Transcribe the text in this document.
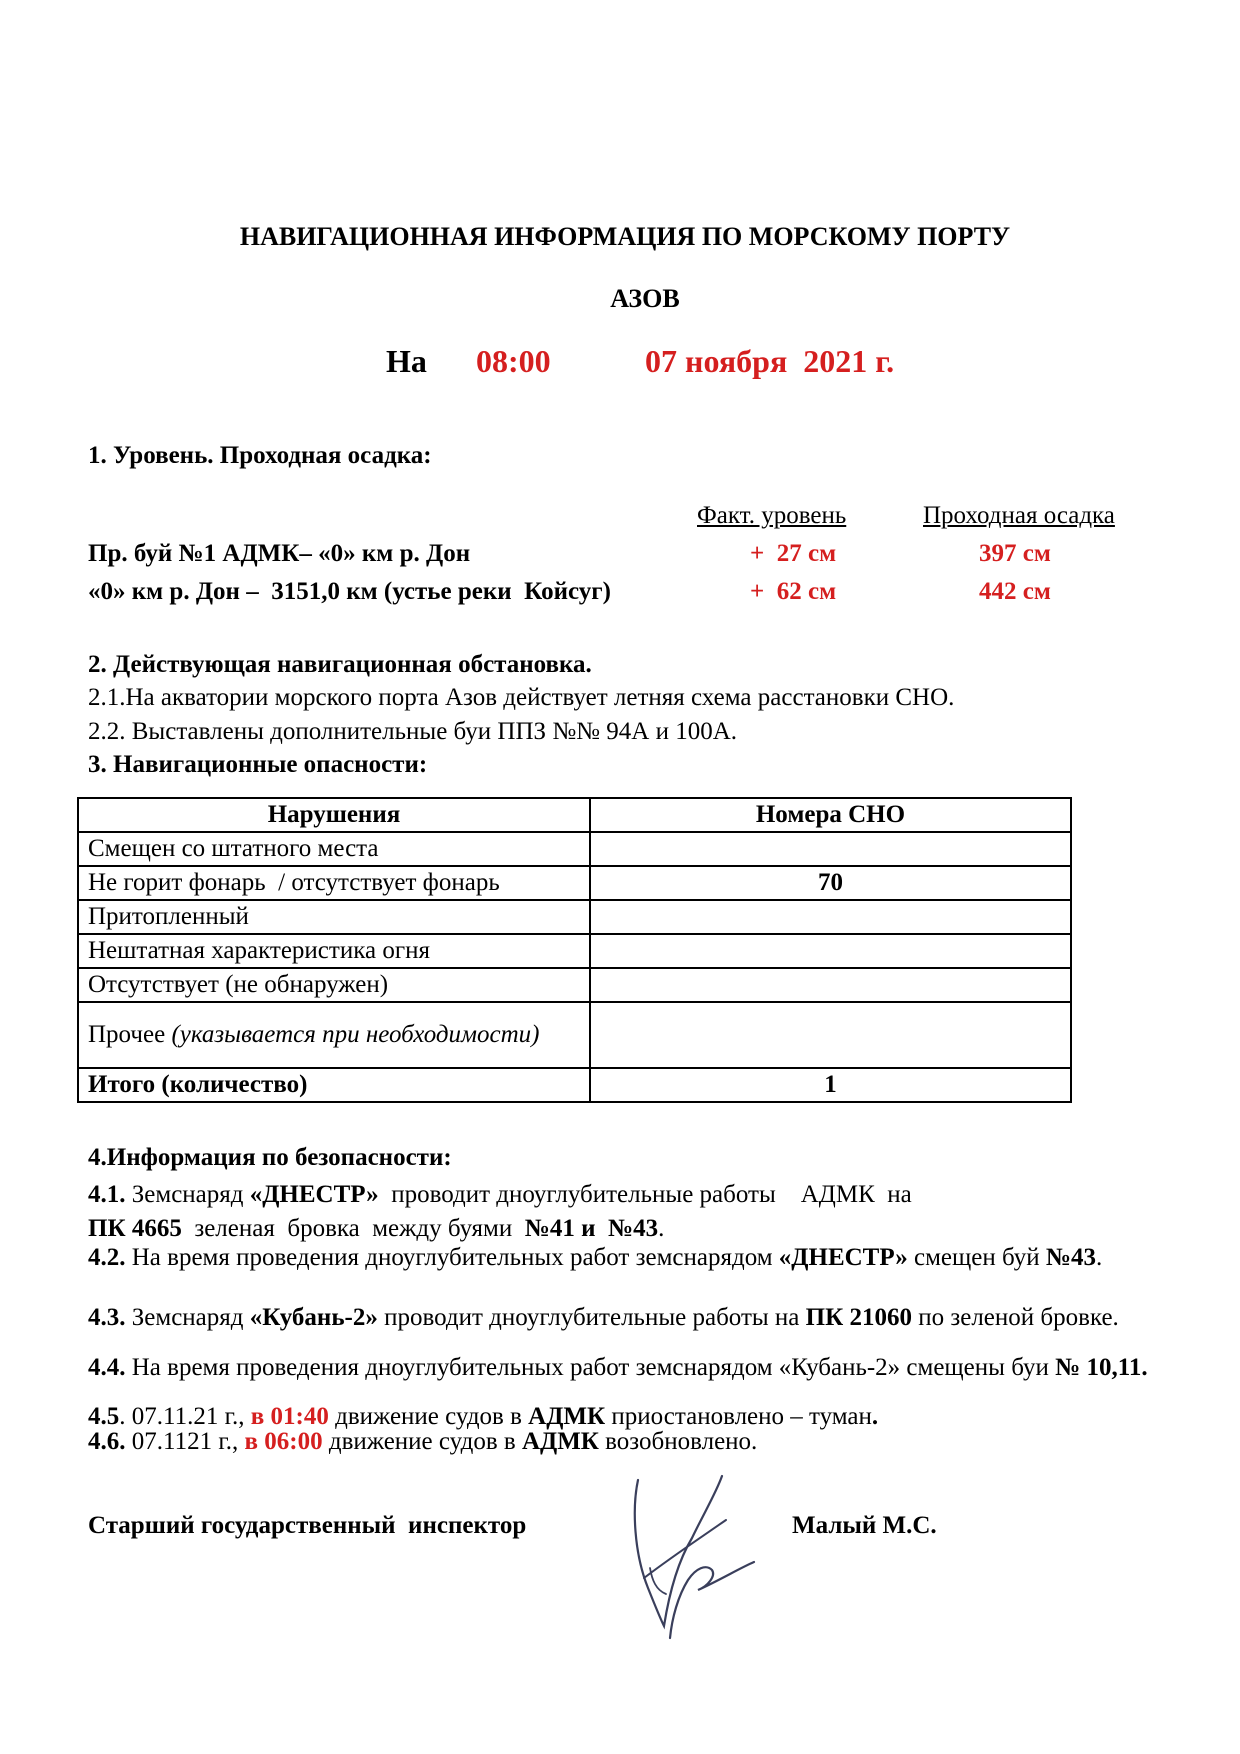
НАВИГАЦИОННАЯ ИНФОРМАЦИЯ ПО МОРСКОМУ ПОРТУ
АЗОВ
На 08:00	07 ноября  2021 г.
1. Уровень. Проходная осадка:
Факт. уровень	Проходная осадка
Пр. буй №1 АДМК– «0» км р. Дон	+  27 см	397 см
«0» км р. Дон –  3151,0 км (устье реки  Койсуг)	+  62 см	442 см
2. Действующая навигационная обстановка.
2.1.На акватории морского порта Азов действует летняя схема расстановки СНО.
2.2. Выставлены дополнительные буи ППЗ №№ 94А и 100А.
3. Навигационные опасности:
Нарушения	Номера СНО
Смещен со штатного места	
Не горит фонарь  / отсутствует фонарь	70
Притопленный	
Нештатная характеристика огня	
Отсутствует (не обнаружен)	
Прочее (указывается при необходимости)	
Итого (количество)	1
4.Информация по безопасности:
4.1. Земснаряд «ДНЕСТР»  проводит дноуглубительные работы    АДМК  на
ПК 4665  зеленая  бровка  между буями  №41 и  №43.
4.2. На время проведения дноуглубительных работ земснарядом «ДНЕСТР» смещен буй №43.
4.3. Земснаряд «Кубань-2» проводит дноуглубительные работы на ПК 21060 по зеленой бровке.
4.4. На время проведения дноуглубительных работ земснарядом «Кубань-2» смещены буи № 10,11.
4.5. 07.11.21 г., в 01:40 движение судов в АДМК приостановлено – туман.
4.6. 07.1121 г., в 06:00 движение судов в АДМК возобновлено.
Старший государственный  инспектор	Малый М.С.
